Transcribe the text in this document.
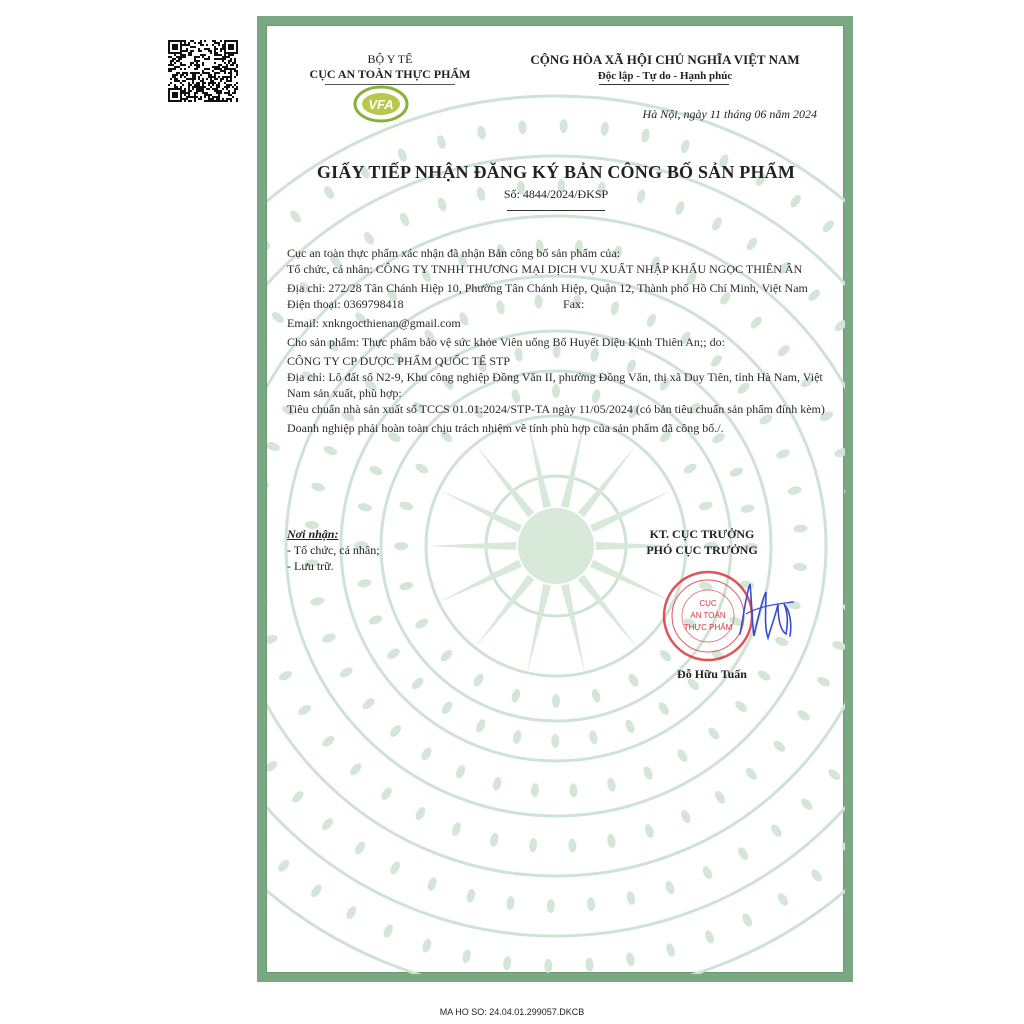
BỘ Y TẾ
CỤC AN TOÀN THỰC PHẨM
VFA
CỘNG HÒA XÃ HỘI CHỦ NGHĨA VIỆT NAM
Độc lập - Tự do - Hạnh phúc
Hà Nội, ngày 11 tháng 06 năm 2024
GIẤY TIẾP NHẬN ĐĂNG KÝ BẢN CÔNG BỐ SẢN PHẨM
Số: 4844/2024/ĐKSP

Cục an toàn thực phẩm xác nhận đã nhận Bản công bố sản phẩm của:

Tổ chức, cá nhân: CÔNG TY TNHH THƯƠNG MẠI DỊCH VỤ XUẤT NHẬP KHẨU NGỌC THIÊN ÂN

Địa chỉ: 272/28 Tân Chánh Hiệp 10, Phường Tân Chánh Hiệp, Quận 12, Thành phố Hồ Chí Minh, Việt Nam

Điện thoại: 0369798418	Fax:

Email: xnkngocthienan@gmail.com

Cho sản phẩm: Thực phẩm bảo vệ sức khỏe Viên uống Bổ Huyết Diệu Kinh Thiên An;; do:

CÔNG TY CP DƯỢC PHẨM QUỐC TẾ STP

Địa chỉ: Lô đất số N2-9, Khu công nghiệp Đồng Văn II, phường Đồng Văn, thị xã Duy Tiên, tỉnh Hà Nam, Việt Nam sản xuất, phù hợp:

Tiêu chuẩn nhà sản xuất số TCCS 01.01:2024/STP-TA ngày 11/05/2024 (có bản tiêu chuẩn sản phẩm đính kèm)

Doanh nghiệp phải hoàn toàn chịu trách nhiệm về tính phù hợp của sản phẩm đã công bố./.

Nơi nhận:
- Tổ chức, cá nhân;
- Lưu trữ.
KT. CỤC TRƯỞNG
PHÓ CỤC TRƯỞNG
CỤC
AN TOÀN
THỰC PHẨM
Đỗ Hữu Tuấn
MA HO SO: 24.04.01.299057.DKCB
